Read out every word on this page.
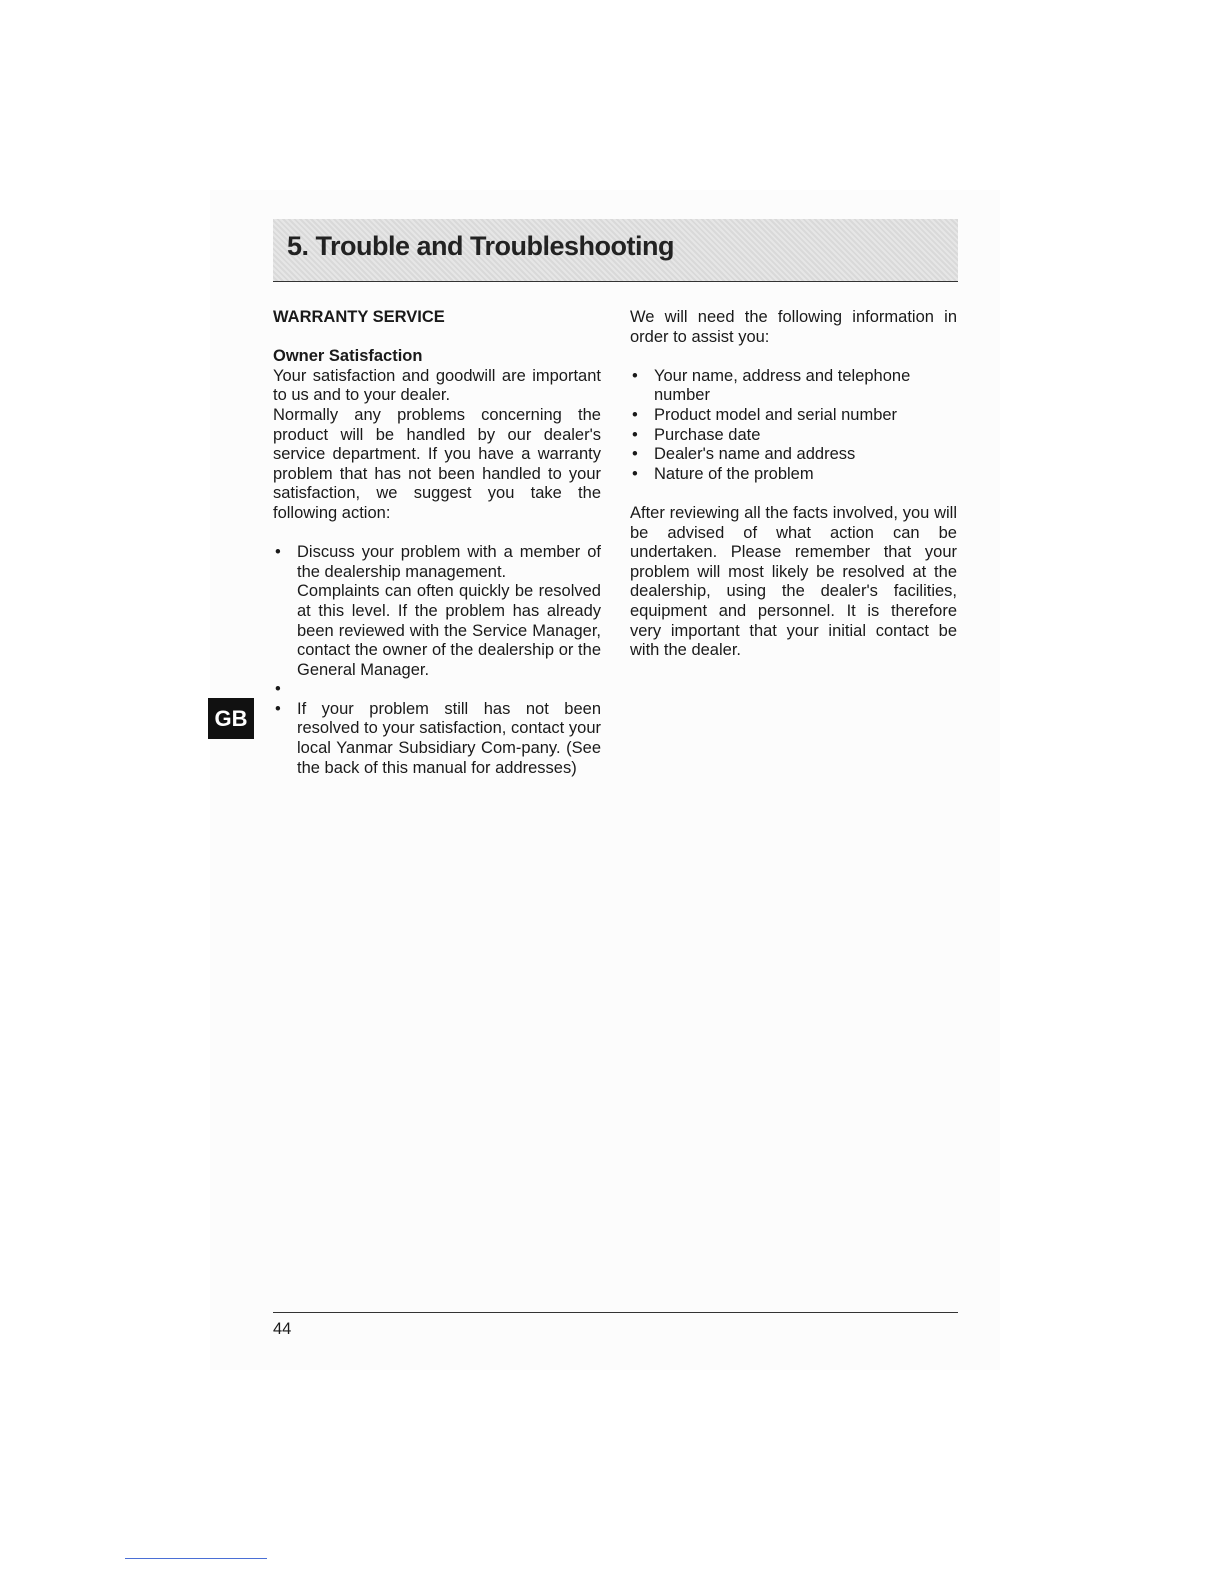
5. Trouble and Troubleshooting

WARRANTY SERVICE

Owner Satisfaction

Your satisfaction and goodwill are important to us and to your dealer.

Normally any problems concerning the product will be handled by our dealer's service department. If you have a warranty problem that has not been handled to your satisfaction, we suggest you take the following action:

• Discuss your problem with a member of the dealership management.

Complaints can often quickly be resolved at this level. If the problem has already been reviewed with the Service Manager, contact the owner of the dealership or the General Manager.

•

• If your problem still has not been resolved to your satisfaction, contact your local Yanmar Subsidiary Com-pany. (See the back of this manual for addresses)

We will need the following information in order to assist you:

• Your name, address and telephone number
• Product model and serial number
• Purchase date
• Dealer's name and address
• Nature of the problem

After reviewing all the facts involved, you will be advised of what action can be undertaken. Please remember that your problem will most likely be resolved at the dealership, using the dealer's facilities, equipment and personnel. It is therefore very important that your initial contact be with the dealer.

GB
44
